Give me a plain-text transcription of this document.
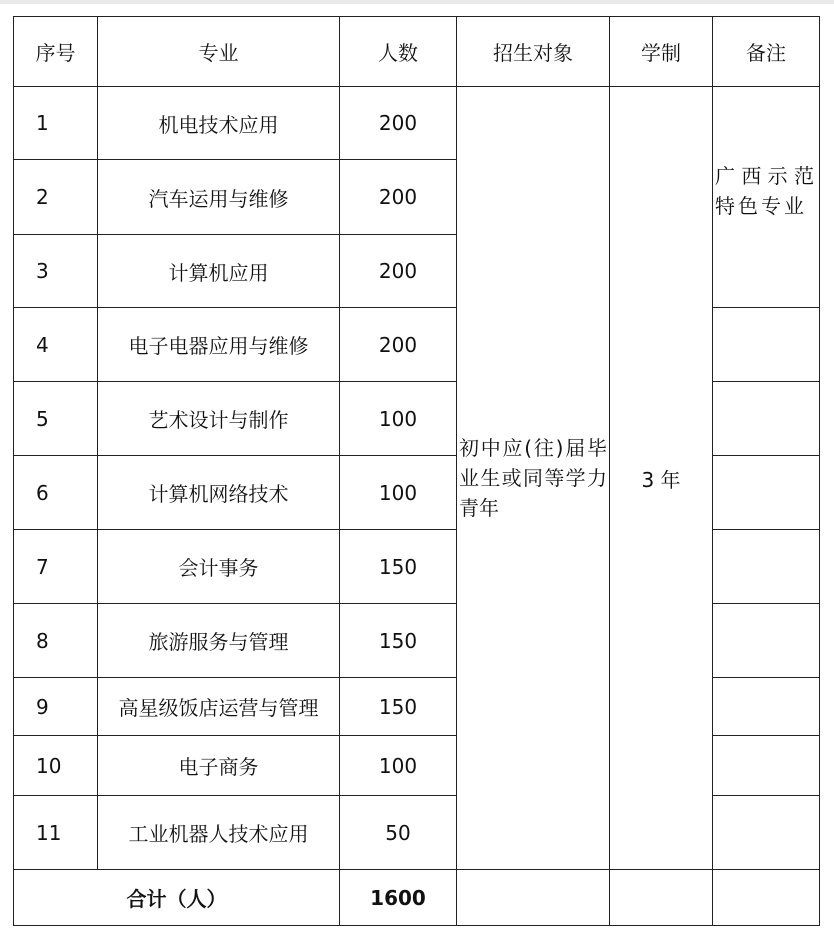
序号	专业	人数	招生对象	学制	备注
1	机电技术应用	200	初中应(往)届毕业生或同等学力青年	3 年	广西示范特色专业
2	汽车运用与维修	200			
3	计算机应用	200			
4	电子电器应用与维修	200			
5	艺术设计与制作	100			
6	计算机网络技术	100			
7	会计事务	150			
8	旅游服务与管理	150			
9	高星级饭店运营与管理	150			
10	电子商务	100			
11	工业机器人技术应用	50			
合计（人）		1600			
